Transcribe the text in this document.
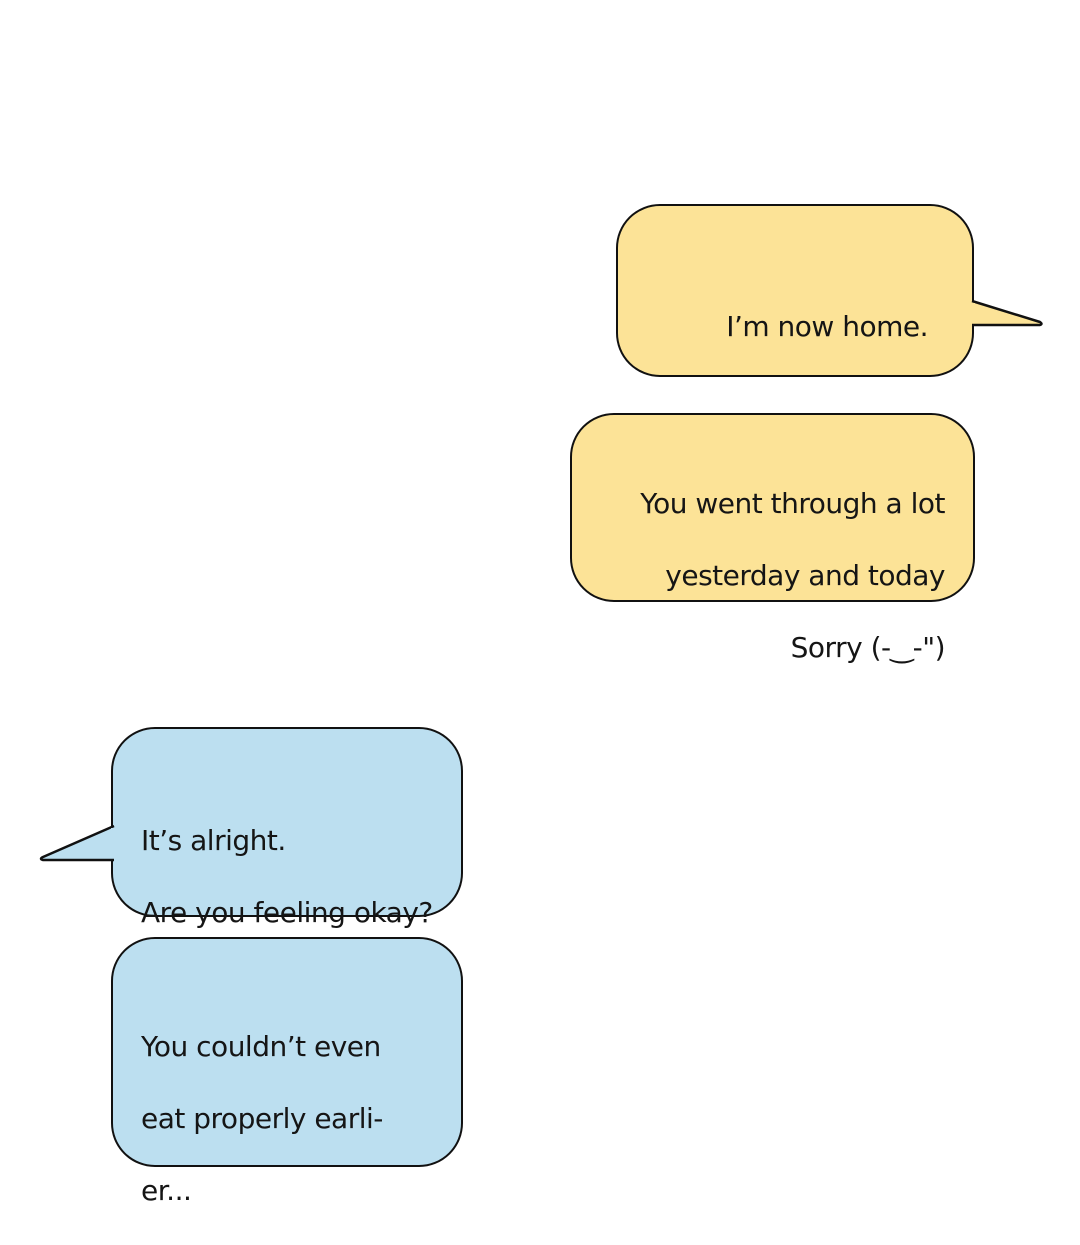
I’m now home.

You went through a lot

yesterday and today

Sorry (-‿-")

It’s alright.

Are you feeling okay?

You couldn’t even

eat properly earli-

er...
